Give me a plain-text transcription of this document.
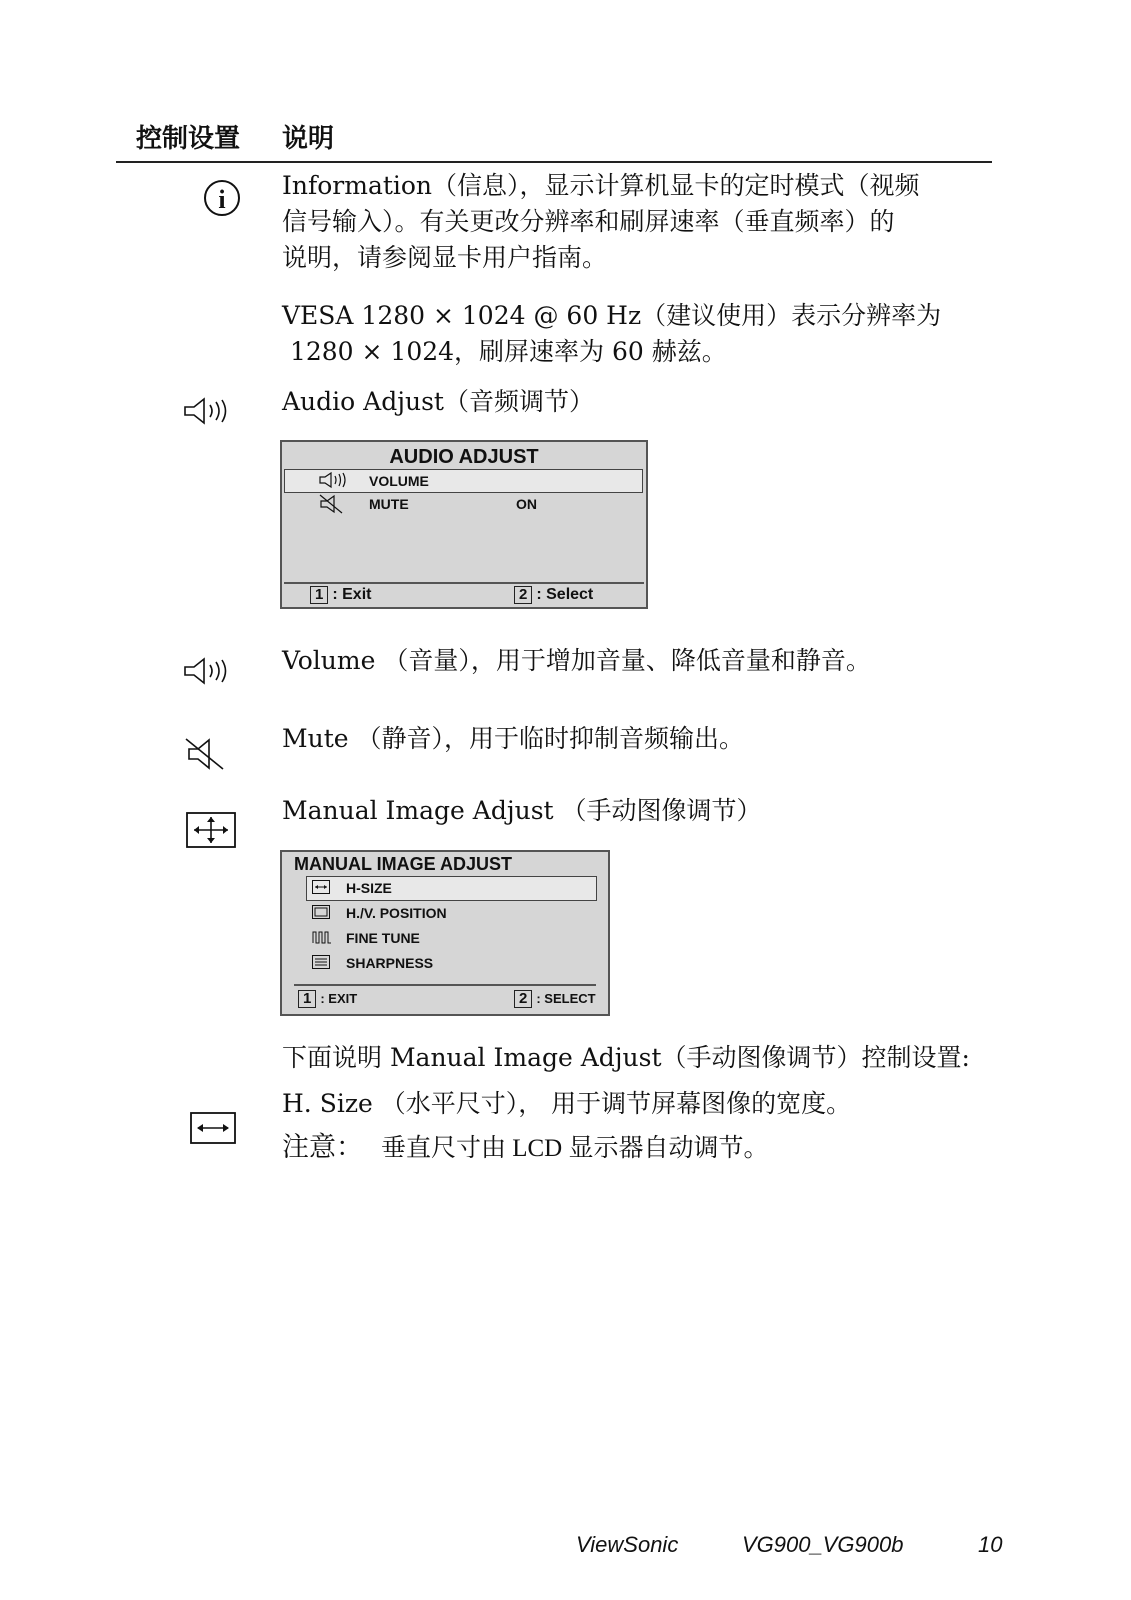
控制设置 说明
i Information（信息），显示计算机显卡的定时模式（视频
信号输入）。有关更改分辨率和刷屏速率（垂直频率）的
说明，请参阅显卡用户指南。
VESA 1280 × 1024 @ 60 Hz（建议使用）表示分辨率为
1280 × 1024，刷屏速率为 60 赫兹。
Audio Adjust（音频调节）
AUDIO ADJUST
VOLUME
MUTE	ON
1 : Exit	2 : Select
Volume （音量），用于增加音量、降低音量和静音。
Mute （静音），用于临时抑制音频输出。
Manual Image Adjust （手动图像调节）
MANUAL IMAGE ADJUST
H-SIZE
H./V. POSITION
FINE TUNE
SHARPNESS
1 : EXIT	2 : SELECT
下面说明 Manual Image Adjust（手动图像调节）控制设置:
H. Size （水平尺寸）， 用于调节屏幕图像的宽度。
注意： 垂直尺寸由 LCD 显示器自动调节。
ViewSonic	VG900_VG900b	10
